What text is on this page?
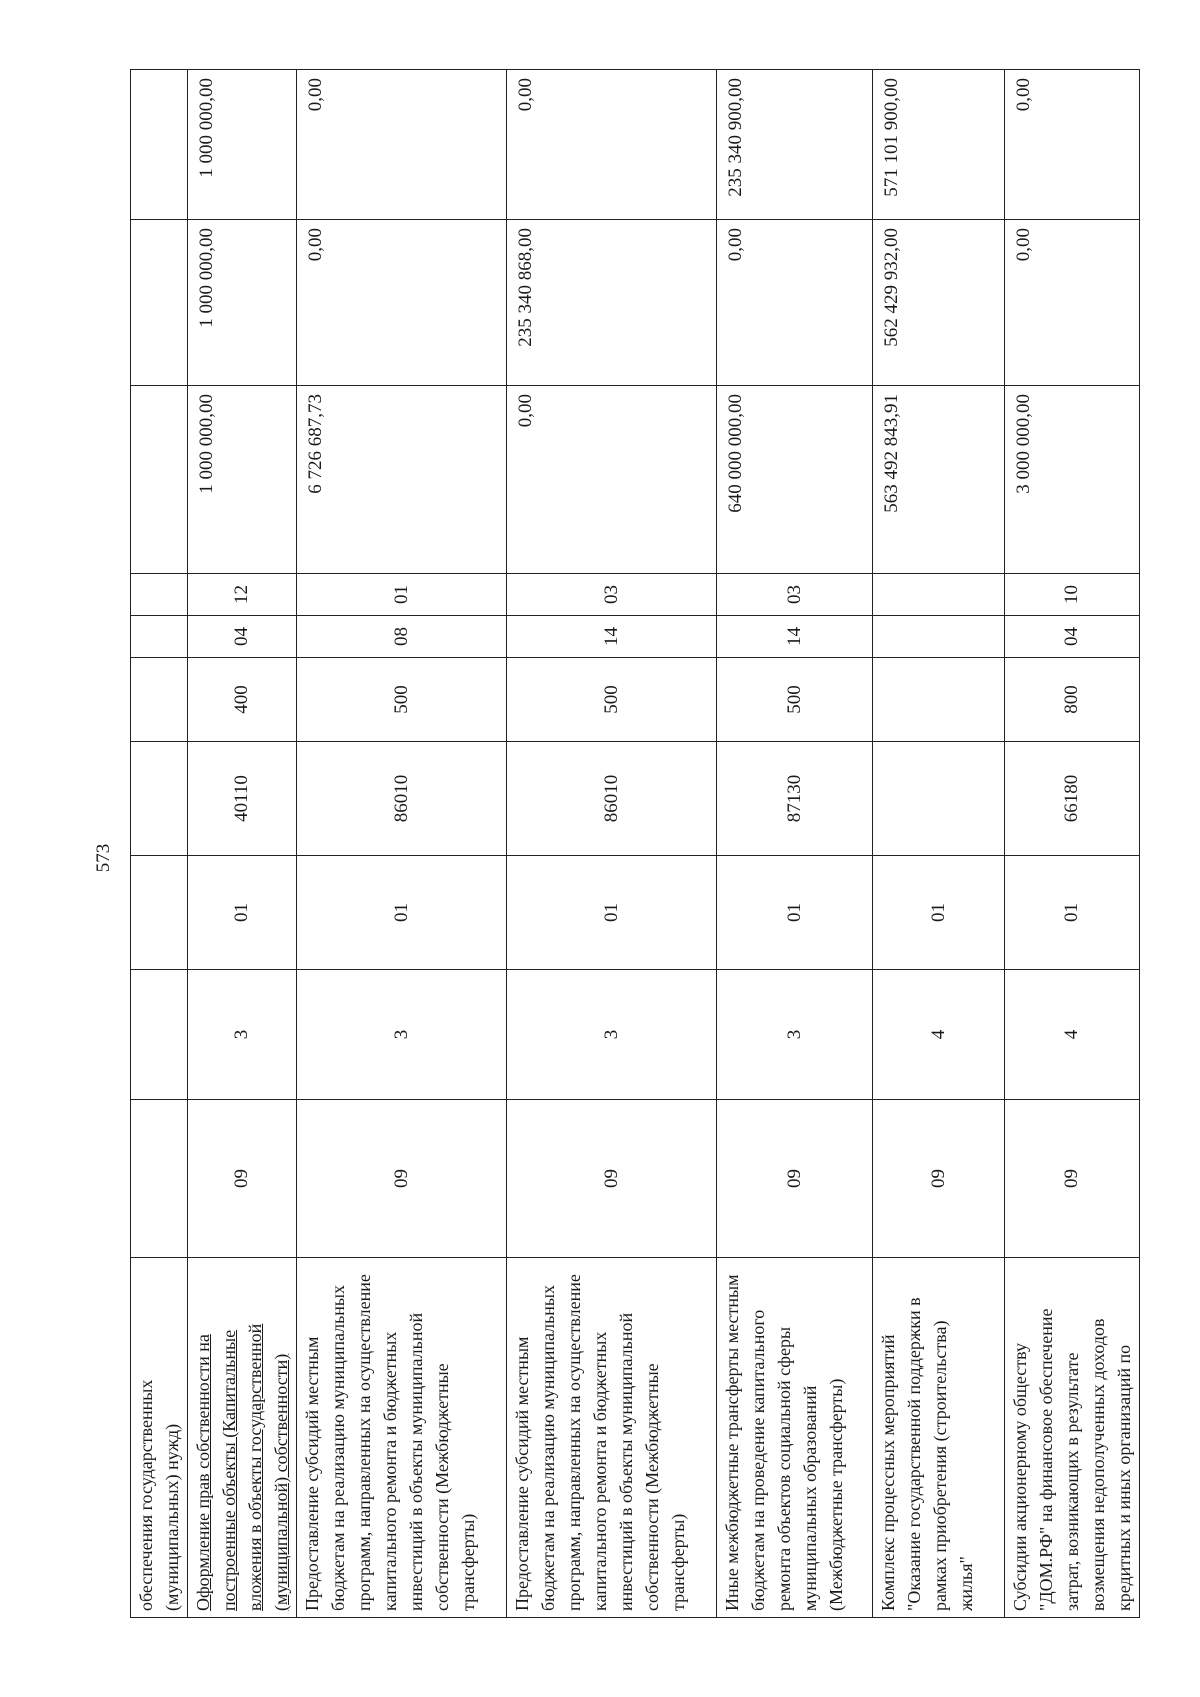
573
обеспечения государственных (муниципальных) нужд)										
Оформление прав собственности на построенные объекты (Капитальные вложения в объекты государственной (муниципальной) собственности)	09	3	01	40110	400	04	12	1 000 000,00	1 000 000,00	1 000 000,00
Предоставление субсидий местным бюджетам на реализацию муниципальных программ, направленных на осуществление капитального ремонта и бюджетных инвестиций в объекты муниципальной собственности (Межбюджетные трансферты)	09	3	01	86010	500	08	01	6 726 687,73	0,00	0,00
Предоставление субсидий местным бюджетам на реализацию муниципальных программ, направленных на осуществление капитального ремонта и бюджетных инвестиций в объекты муниципальной собственности (Межбюджетные трансферты)	09	3	01	86010	500	14	03	0,00	235 340 868,00	0,00
Иные межбюджетные трансферты местным бюджетам на проведение капитального ремонта объектов социальной сферы муниципальных образований (Межбюджетные трансферты)	09	3	01	87130	500	14	03	640 000 000,00	0,00	235 340 900,00
Комплекс процессных мероприятий "Оказание государственной поддержки в рамках приобретения (строительства) жилья"	09	4	01					563 492 843,91	562 429 932,00	571 101 900,00
Субсидии акционерному обществу "ДОМ.РФ" на финансовое обеспечение затрат, возникающих в результате возмещения недополученных доходов кредитных и иных организаций по	09	4	01	66180	800	04	10	3 000 000,00	0,00	0,00
